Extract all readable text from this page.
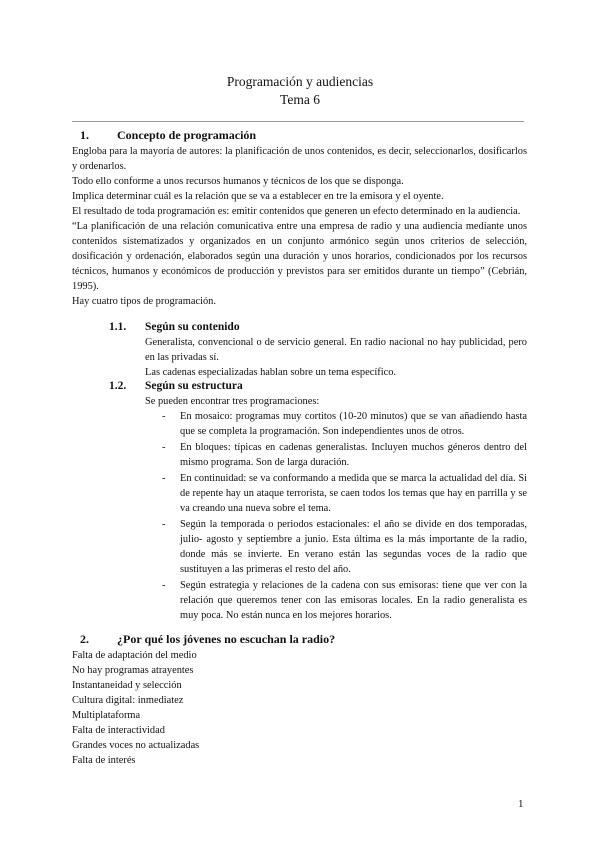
Programación y audiencias
Tema 6
1. Concepto de programación
Engloba para la mayoría de autores: la planificación de unos contenidos, es decir, seleccionarlos, dosificarlos y ordenarlos.
Todo ello conforme a unos recursos humanos y técnicos de los que se disponga.
Implica determinar cuál es la relación que se va a establecer en tre la emisora y el oyente.
El resultado de toda programación es: emitir contenidos que generen un efecto determinado en la audiencia.
“La planificación de una relación comunicativa entre una empresa de radio y una audiencia mediante unos contenidos sistematizados y organizados en un conjunto armónico según unos criterios de selección, dosificación y ordenación, elaborados según una duración y unos horarios, condicionados por los recursos técnicos, humanos y económicos de producción y previstos para ser emitidos durante un tiempo” (Cebrián, 1995).
Hay cuatro tipos de programación.
1.1. Según su contenido
Generalista, convencional o de servicio general. En radio nacional no hay publicidad, pero en las privadas sí.
Las cadenas especializadas hablan sobre un tema específico.
1.2. Según su estructura
Se pueden encontrar tres programaciones:
- En mosaico: programas muy cortitos (10-20 minutos) que se van añadiendo hasta que se completa la programación. Son independientes unos de otros.
- En bloques: típicas en cadenas generalistas. Incluyen muchos géneros dentro del mismo programa. Son de larga duración.
- En continuidad: se va conformando a medida que se marca la actualidad del día. Si de repente hay un ataque terrorista, se caen todos los temas que hay en parrilla y se va creando una nueva sobre el tema.
- Según la temporada o periodos estacionales: el año se divide en dos temporadas, julio- agosto y septiembre a junio. Esta última es la más importante de la radio, donde más se invierte. En verano están las segundas voces de la radio que sustituyen a las primeras el resto del año.
- Según estrategia y relaciones de la cadena con sus emisoras: tiene que ver con la relación que queremos tener con las emisoras locales. En la radio generalista es muy poca. No están nunca en los mejores horarios.
2. ¿Por qué los jóvenes no escuchan la radio?
Falta de adaptación del medio
No hay programas atrayentes
Instantaneidad y selección
Cultura digital: inmediatez
Multiplataforma
Falta de interactividad
Grandes voces no actualizadas
Falta de interés
1
